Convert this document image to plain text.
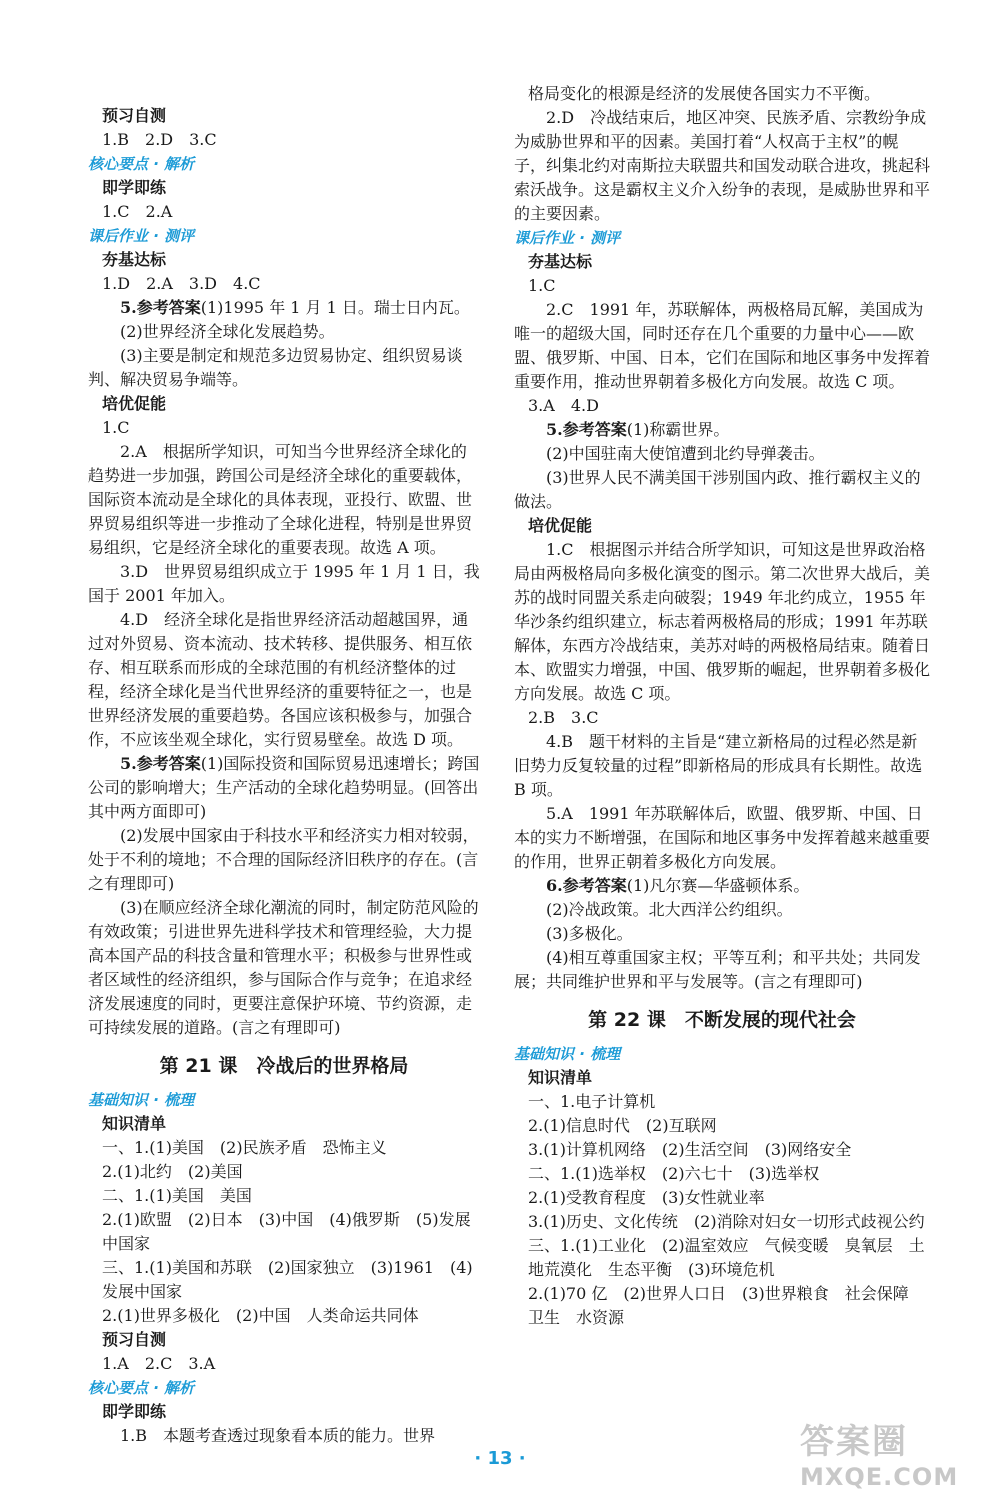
预习自测

1.B　2.D　3.C

核心要点 · 解析

即学即练

1.C　2.A

课后作业 · 测评

夯基达标

1.D　2.A　3.D　4.C

5.参考答案(1)1995 年 1 月 1 日。瑞士日内瓦。

(2)世界经济全球化发展趋势。

(3)主要是制定和规范多边贸易协定、组织贸易谈判、解决贸易争端等。

培优促能

1.C

2.A　根据所学知识，可知当今世界经济全球化的趋势进一步加强，跨国公司是经济全球化的重要载体，国际资本流动是全球化的具体表现，亚投行、欧盟、世界贸易组织等进一步推动了全球化进程，特别是世界贸易组织，它是经济全球化的重要表现。故选 A 项。

3.D　世界贸易组织成立于 1995 年 1 月 1 日，我国于 2001 年加入。

4.D　经济全球化是指世界经济活动超越国界，通过对外贸易、资本流动、技术转移、提供服务、相互依存、相互联系而形成的全球范围的有机经济整体的过程，经济全球化是当代世界经济的重要特征之一，也是世界经济发展的重要趋势。各国应该积极参与，加强合作，不应该坐观全球化，实行贸易壁垒。故选 D 项。

5.参考答案(1)国际投资和国际贸易迅速增长；跨国公司的影响增大；生产活动的全球化趋势明显。(回答出其中两方面即可)

(2)发展中国家由于科技水平和经济实力相对较弱，处于不利的境地；不合理的国际经济旧秩序的存在。(言之有理即可)

(3)在顺应经济全球化潮流的同时，制定防范风险的有效政策；引进世界先进科学技术和管理经验，大力提高本国产品的科技含量和管理水平；积极参与世界性或者区域性的经济组织，参与国际合作与竞争；在追求经济发展速度的同时，更要注意保护环境、节约资源，走可持续发展的道路。(言之有理即可)

第 21 课　冷战后的世界格局

基础知识 · 梳理

知识清单

一、1.(1)美国　(2)民族矛盾　恐怖主义

2.(1)北约　(2)美国

二、1.(1)美国　美国

2.(1)欧盟　(2)日本　(3)中国　(4)俄罗斯　(5)发展中国家

三、1.(1)美国和苏联　(2)国家独立　(3)1961　(4)发展中国家

2.(1)世界多极化　(2)中国　人类命运共同体

预习自测

1.A　2.C　3.A

核心要点 · 解析

即学即练

1.B　本题考查透过现象看本质的能力。世界

格局变化的根源是经济的发展使各国实力不平衡。

2.D　冷战结束后，地区冲突、民族矛盾、宗教纷争成为威胁世界和平的因素。美国打着“人权高于主权”的幌子，纠集北约对南斯拉夫联盟共和国发动联合进攻，挑起科索沃战争。这是霸权主义介入纷争的表现，是威胁世界和平的主要因素。

课后作业 · 测评

夯基达标

1.C

2.C　1991 年，苏联解体，两极格局瓦解，美国成为唯一的超级大国，同时还存在几个重要的力量中心——欧盟、俄罗斯、中国、日本，它们在国际和地区事务中发挥着重要作用，推动世界朝着多极化方向发展。故选 C 项。

3.A　4.D

5.参考答案(1)称霸世界。

(2)中国驻南大使馆遭到北约导弹袭击。

(3)世界人民不满美国干涉别国内政、推行霸权主义的做法。

培优促能

1.C　根据图示并结合所学知识，可知这是世界政治格局由两极格局向多极化演变的图示。第二次世界大战后，美苏的战时同盟关系走向破裂；1949 年北约成立，1955 年华沙条约组织建立，标志着两极格局的形成；1991 年苏联解体，东西方冷战结束，美苏对峙的两极格局结束。随着日本、欧盟实力增强，中国、俄罗斯的崛起，世界朝着多极化方向发展。故选 C 项。

2.B　3.C

4.B　题干材料的主旨是“建立新格局的过程必然是新旧势力反复较量的过程”即新格局的形成具有长期性。故选 B 项。

5.A　1991 年苏联解体后，欧盟、俄罗斯、中国、日本的实力不断增强，在国际和地区事务中发挥着越来越重要的作用，世界正朝着多极化方向发展。

6.参考答案(1)凡尔赛—华盛顿体系。

(2)冷战政策。北大西洋公约组织。

(3)多极化。

(4)相互尊重国家主权；平等互利；和平共处；共同发展；共同维护世界和平与发展等。(言之有理即可)

第 22 课　不断发展的现代社会

基础知识 · 梳理

知识清单

一、1.电子计算机

2.(1)信息时代　(2)互联网

3.(1)计算机网络　(2)生活空间　(3)网络安全

二、1.(1)选举权　(2)六七十　(3)选举权

2.(1)受教育程度　(3)女性就业率

3.(1)历史、文化传统　(2)消除对妇女一切形式歧视公约

三、1.(1)工业化　(2)温室效应　气候变暖　臭氧层　土地荒漠化　生态平衡　(3)环境危机

2.(1)70 亿　(2)世界人口日　(3)世界粮食　社会保障　卫生　水资源

· 13 ·	答案圈
MXQE.COM
